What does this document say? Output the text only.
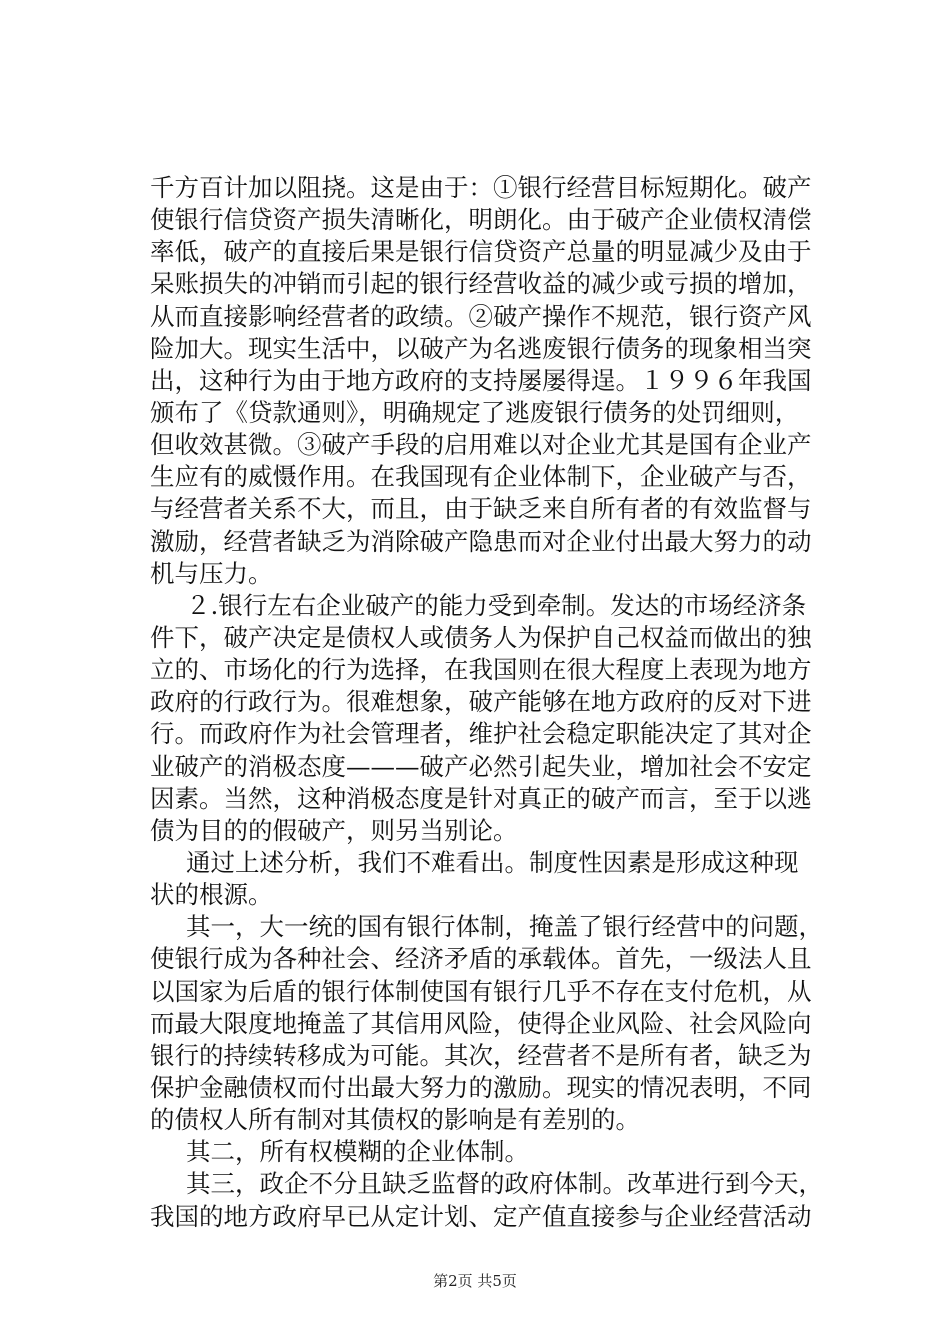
千方百计加以阻挠。这是由于：①银行经营目标短期化。破产
使银行信贷资产损失清晰化，明朗化。由于破产企业债权清偿
率低，破产的直接后果是银行信贷资产总量的明显减少及由于
呆账损失的冲销而引起的银行经营收益的减少或亏损的增加，
从而直接影响经营者的政绩。②破产操作不规范，银行资产风
险加大。现实生活中，以破产为名逃废银行债务的现象相当突
出，这种行为由于地方政府的支持屡屡得逞。１９９６年我国
颁布了《贷款通则》，明确规定了逃废银行债务的处罚细则，
但收效甚微。③破产手段的启用难以对企业尤其是国有企业产
生应有的威慑作用。在我国现有企业体制下，企业破产与否，
与经营者关系不大，而且，由于缺乏来自所有者的有效监督与
激励，经营者缺乏为消除破产隐患而对企业付出最大努力的动
机与压力。
２.银行左右企业破产的能力受到牵制。发达的市场经济条
件下，破产决定是债权人或债务人为保护自己权益而做出的独
立的、市场化的行为选择，在我国则在很大程度上表现为地方
政府的行政行为。很难想象，破产能够在地方政府的反对下进
行。而政府作为社会管理者，维护社会稳定职能决定了其对企
业破产的消极态度———破产必然引起失业，增加社会不安定
因素。当然，这种消极态度是针对真正的破产而言，至于以逃
债为目的的假破产，则另当别论。
通过上述分析，我们不难看出。制度性因素是形成这种现
状的根源。
其一，大一统的国有银行体制，掩盖了银行经营中的问题，
使银行成为各种社会、经济矛盾的承载体。首先，一级法人且
以国家为后盾的银行体制使国有银行几乎不存在支付危机，从
而最大限度地掩盖了其信用风险，使得企业风险、社会风险向
银行的持续转移成为可能。其次，经营者不是所有者，缺乏为
保护金融债权而付出最大努力的激励。现实的情况表明，不同
的债权人所有制对其债权的影响是有差别的。
其二，所有权模糊的企业体制。
其三，政企不分且缺乏监督的政府体制。改革进行到今天，
我国的地方政府早已从定计划、定产值直接参与企业经营活动
第2页 共5页
